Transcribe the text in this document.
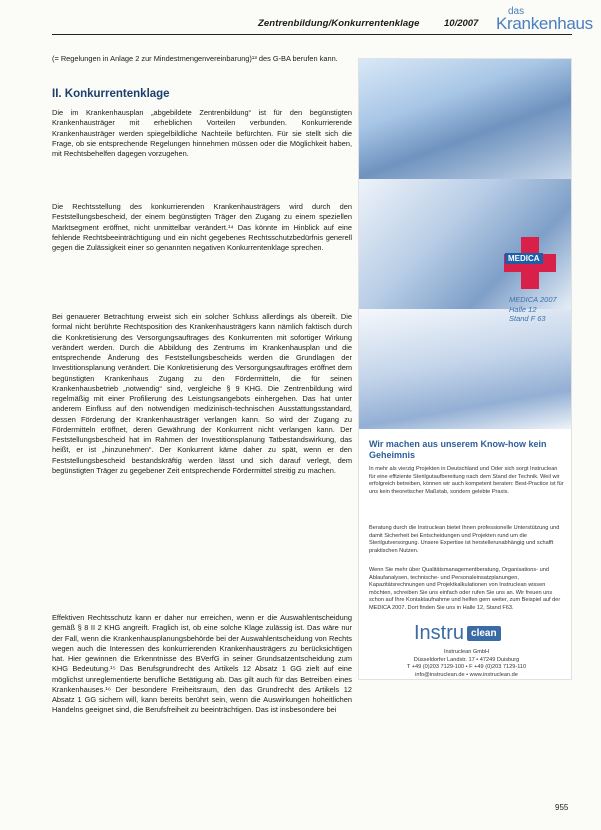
Zentrenbildung/Konkurrentenklage	10/2007
das
Krankenhaus

(= Regelungen in Anlage 2 zur Mindestmengenvereinbarung)¹³ des G-BA berufen kann.

II. Konkurrentenklage

Die im Krankenhausplan „abgebildete Zentrenbildung“ ist für den begünstigten Krankenhausträger mit erheblichen Vorteilen verbunden. Konkurrierende Krankenhausträger werden spiegelbildliche Nachteile befürchten. Für sie stellt sich die Frage, ob sie entsprechende Regelungen hinnehmen müssen oder die Möglichkeit haben, mit Rechtsbehelfen dagegen vorzugehen.

Die Rechtsstellung des konkurrierenden Krankenhausträgers wird durch den Feststellungsbescheid, der einem begünstigten Träger den Zugang zu einem speziellen Marktsegment eröffnet, nicht unmittelbar verändert.¹⁴ Das könnte im Hinblick auf eine fehlende Rechtsbeeinträchtigung und ein nicht gegebenes Rechtsschutzbedürfnis generell gegen die Zulässigkeit einer so genannten negativen Konkurrentenklage sprechen.

Bei genauerer Betrachtung erweist sich ein solcher Schluss allerdings als übereilt. Die formal nicht berührte Rechtsposition des Krankenhausträgers kann nämlich faktisch durch die Konkretisierung des Versorgungsauftrages des Konkurrenten mit sofortiger Wirkung verändert werden. Durch die Abbildung des Zentrums im Krankenhausplan und die entsprechende Änderung des Feststellungsbescheids werden die Grundlagen der Investitionsplanung verändert. Die Konkretisierung des Versorgungsauftrages eröffnet dem begünstigten Krankenhaus Zugang zu den Fördermitteln, die für seinen Krankenhausbetrieb „notwendig“ sind, vergleiche § 9 KHG. Die Zentrenbildung wird regelmäßig mit einer Profilierung des Leistungsangebots einhergehen. Das hat unter anderem Einfluss auf den notwendigen medizinisch-technischen Ausstattungsstandard, dessen Förderung der Krankenhausträger verlangen kann. So wird der Zugang zu Fördermitteln eröffnet, deren Gewährung der Konkurrent nicht verlangen kann. Der Feststellungsbescheid hat im Rahmen der Investitionsplanung Tatbestandswirkung, das heißt, er ist „hinzunehmen“. Der Konkurrent käme daher zu spät, wenn er den Feststellungsbescheid bestandskräftig werden lässt und sich darauf verlegt, dem begünstigten Träger zu gegebener Zeit entsprechende Fördermittel streitig zu machen.

Effektiven Rechtsschutz kann er daher nur erreichen, wenn er die Auswahlentscheidung gemäß § 8 II 2 KHG angreift. Fraglich ist, ob eine solche Klage zulässig ist. Das wäre nur der Fall, wenn die Krankenhausplanungsbehörde bei der Auswahlentscheidung von Rechts wegen auch die Interessen des konkurrierenden Krankenhausträgers zu berücksichtigen hat. Hier gewinnen die Erkenntnisse des BVerfG in seiner Grundsatzentscheidung zum KHG Bedeutung.¹⁵ Das Berufsgrundrecht des Artikels 12 Absatz 1 GG zielt auf eine möglichst unreglementierte berufliche Betätigung ab. Das gilt auch für das Betreiben eines Krankenhauses.¹⁶ Der besondere Freiheitsraum, den das Grundrecht des Artikels 12 Absatz 1 GG sichern will, kann bereits berührt sein, wenn die Auswirkungen hoheitlichen Handelns geeignet sind, die Berufsfreiheit zu beeinträchtigen. Das ist insbesondere bei

MEDICA
MEDICA 2007
Halle 12
Stand F 63
Wir machen aus unserem Know-how kein Geheimnis
In mehr als vierzig Projekten in Deutschland und Oder sich sorgt Instruclean für eine effiziente Sterilgutaufbereitung nach dem Stand der Technik. Weil wir erfolgreich betreiben, können wir auch kompetent beraten: Best-Practice ist für uns kein theoretischer Maßstab, sondern gelebte Praxis.
Beratung durch die Instruclean bietet Ihnen professionelle Unterstützung und damit Sicherheit bei Entscheidungen und Projekten rund um die Sterilgutversorgung. Unsere Expertise ist herstellerunabhängig und schafft praktischen Nutzen.
Wenn Sie mehr über Qualitätsmanagementberatung, Organisations- und Ablaufanalysen, technische- und Personaleinsatzplanungen, Kapazitätsrechnungen und Projektkalkulationen von Instruclean wissen möchten, schreiben Sie uns einfach oder rufen Sie uns an. Wir freuen uns schon auf Ihre Kontaktaufnahme und helfen gern weiter, zum Beispiel auf der MEDICA 2007. Dort finden Sie uns in Halle 12, Stand F63.
Instru clean
Instruclean GmbH
Düsseldorfer Landstr. 17 • 47249 Duisburg
T +49 (0)203 7129-100 • F +49 (0)203 7129-110
info@instruclean.de • www.instruclean.de
955
